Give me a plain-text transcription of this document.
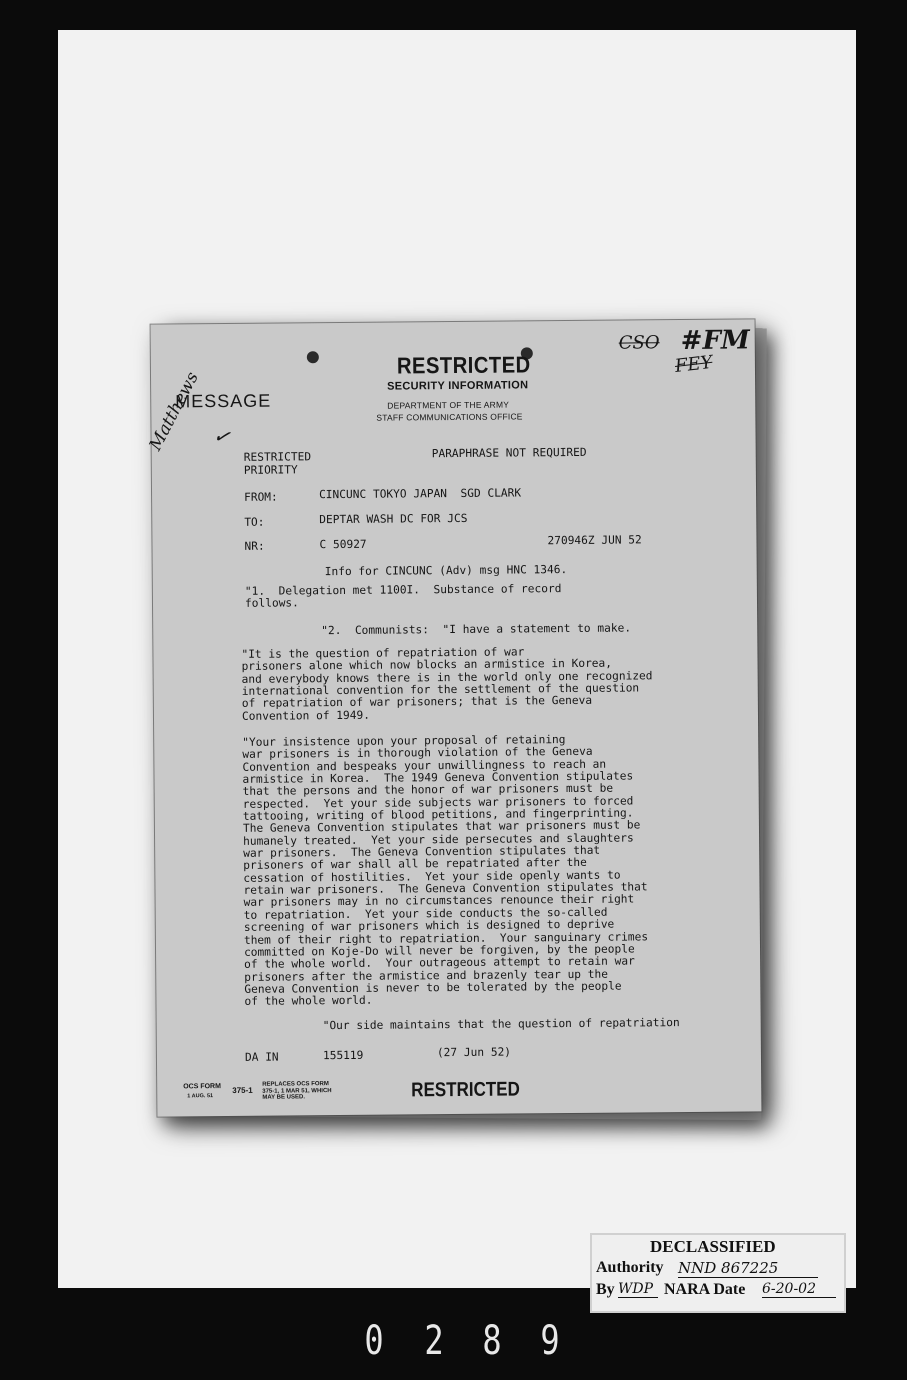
RESTRICTED
SECURITY INFORMATION
DEPARTMENT OF THE ARMY
STAFF COMMUNICATIONS OFFICE
MESSAGE
CSO #FM
FEY
Matthews ✓
RESTRICTED
PRIORITY
PARAPHRASE NOT REQUIRED
FROM:	CINCUNC TOKYO JAPAN  SGD CLARK
TO:	DEPTAR WASH DC FOR JCS
NR:	C 50927	270946Z JUN 52
Info for CINCUNC (Adv) msg HNC 1346.
"1.  Delegation met 1100I.  Substance of record
follows.
"2.  Communists:  "I have a statement to make.
"It is the question of repatriation of war
prisoners alone which now blocks an armistice in Korea,
and everybody knows there is in the world only one recognized
international convention for the settlement of the question
of repatriation of war prisoners; that is the Geneva
Convention of 1949.
"Your insistence upon your proposal of retaining
war prisoners is in thorough violation of the Geneva
Convention and bespeaks your unwillingness to reach an
armistice in Korea.  The 1949 Geneva Convention stipulates
that the persons and the honor of war prisoners must be
respected.  Yet your side subjects war prisoners to forced
tattooing, writing of blood petitions, and fingerprinting.
The Geneva Convention stipulates that war prisoners must be
humanely treated.  Yet your side persecutes and slaughters
war prisoners.  The Geneva Convention stipulates that
prisoners of war shall all be repatriated after the
cessation of hostilities.  Yet your side openly wants to
retain war prisoners.  The Geneva Convention stipulates that
war prisoners may in no circumstances renounce their right
to repatriation.  Yet your side conducts the so-called
screening of war prisoners which is designed to deprive
them of their right to repatriation.  Your sanguinary crimes
committed on Koje-Do will never be forgiven, by the people
of the whole world.  Your outrageous attempt to retain war
prisoners after the armistice and brazenly tear up the
Geneva Convention is never to be tolerated by the people
of the whole world.
"Our side maintains that the question of repatriation
DA IN	155119	(27 Jun 52)
OCS FORM
1 AUG. 51
375-1
REPLACES OCS FORM
375-1, 1 MAR 51, WHICH
MAY BE USED.	RESTRICTED
DECLASSIFIED
Authority NND 867225
By WDP NARA Date 6-20-02
0 2 8 9
